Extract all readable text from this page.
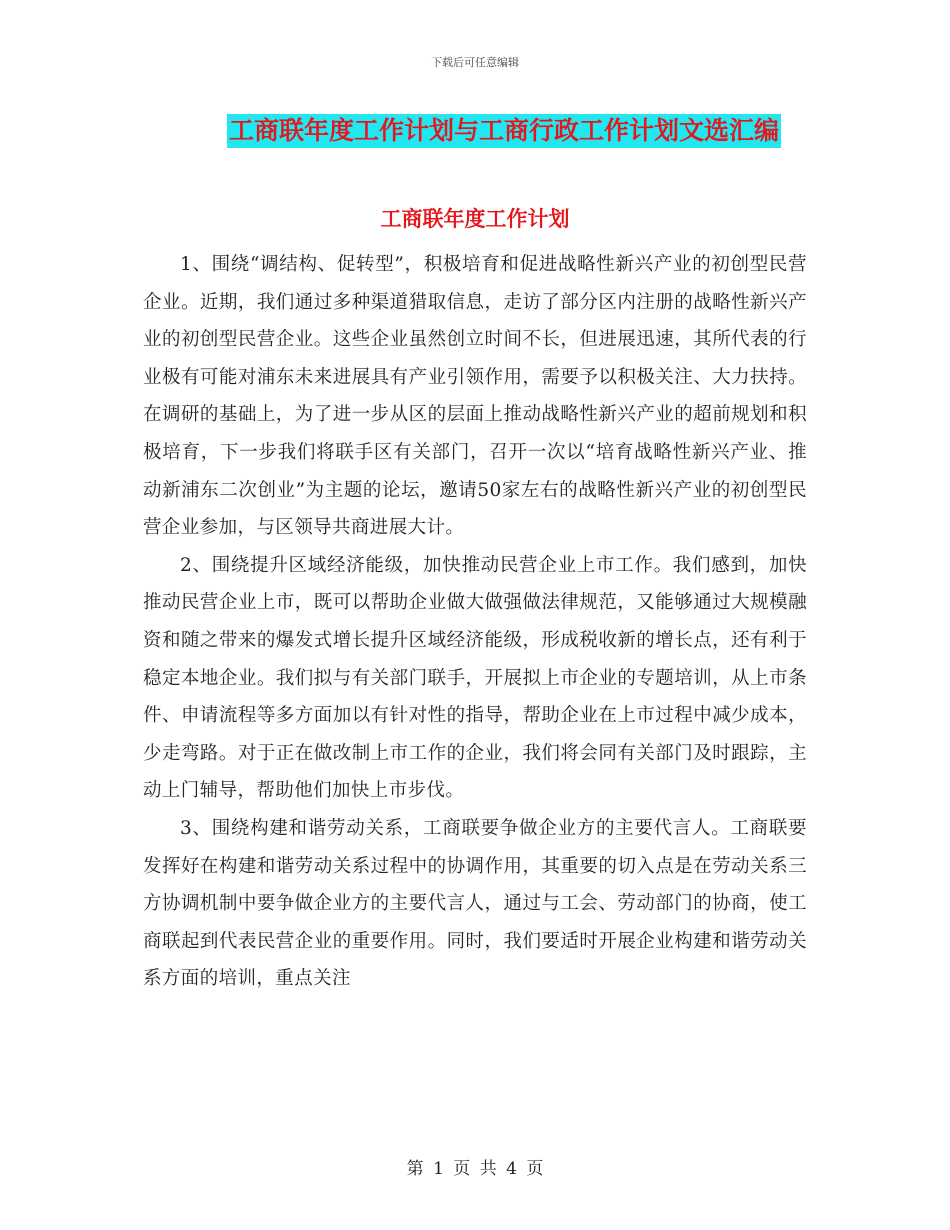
下载后可任意编辑
工商联年度工作计划与工商行政工作计划文选汇编
工商联年度工作计划

1、围绕“调结构、促转型”，积极培育和促进战略性新兴产业的初创型民营企业。近期，我们通过多种渠道猎取信息，走访了部分区内注册的战略性新兴产业的初创型民营企业。这些企业虽然创立时间不长，但进展迅速，其所代表的行业极有可能对浦东未来进展具有产业引领作用，需要予以积极关注、大力扶持。在调研的基础上，为了进一步从区的层面上推动战略性新兴产业的超前规划和积极培育，下一步我们将联手区有关部门，召开一次以“培育战略性新兴产业、推动新浦东二次创业”为主题的论坛，邀请50家左右的战略性新兴产业的初创型民营企业参加，与区领导共商进展大计。

2、围绕提升区域经济能级，加快推动民营企业上市工作。我们感到，加快推动民营企业上市，既可以帮助企业做大做强做法律规范，又能够通过大规模融资和随之带来的爆发式增长提升区域经济能级，形成税收新的增长点，还有利于稳定本地企业。我们拟与有关部门联手，开展拟上市企业的专题培训，从上市条件、申请流程等多方面加以有针对性的指导，帮助企业在上市过程中减少成本，少走弯路。对于正在做改制上市工作的企业，我们将会同有关部门及时跟踪，主动上门辅导，帮助他们加快上市步伐。

3、围绕构建和谐劳动关系，工商联要争做企业方的主要代言人。工商联要发挥好在构建和谐劳动关系过程中的协调作用，其重要的切入点是在劳动关系三方协调机制中要争做企业方的主要代言人，通过与工会、劳动部门的协商，使工商联起到代表民营企业的重要作用。同时，我们要适时开展企业构建和谐劳动关系方面的培训，重点关注

第 1 页 共 4 页
